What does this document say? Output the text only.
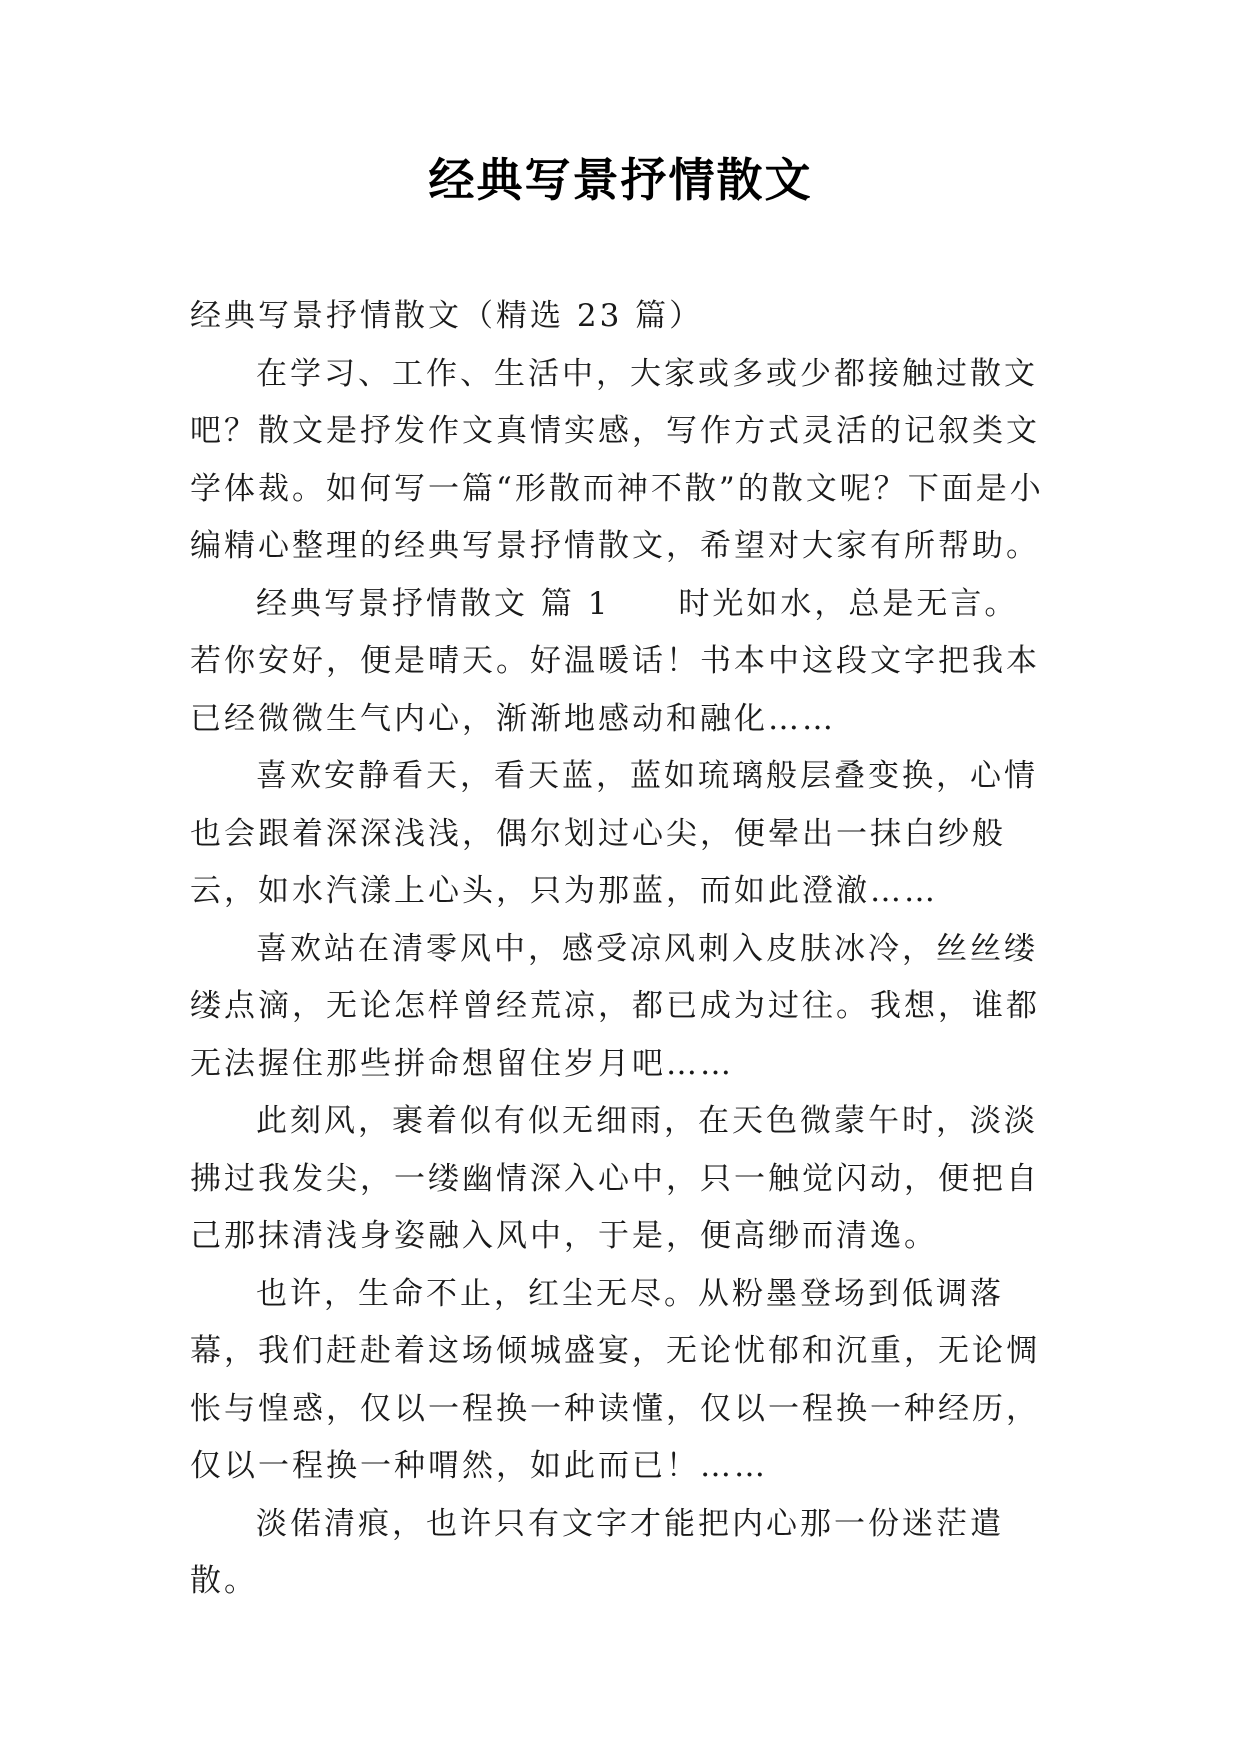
经典写景抒情散文

经典写景抒情散文（精选 23 篇）

在学习、工作、生活中，大家或多或少都接触过散文吧？散文是抒发作文真情实感，写作方式灵活的记叙类文学体裁。如何写一篇“形散而神不散”的散文呢？下面是小编精心整理的经典写景抒情散文，希望对大家有所帮助。

经典写景抒情散文 篇 1　　时光如水，总是无言。若你安好，便是晴天。好温暖话！书本中这段文字把我本已经微微生气内心，渐渐地感动和融化……

喜欢安静看天，看天蓝，蓝如琉璃般层叠变换，心情也会跟着深深浅浅，偶尔划过心尖，便晕出一抹白纱般云，如水汽漾上心头，只为那蓝，而如此澄澈……

喜欢站在清零风中，感受凉风刺入皮肤冰冷，丝丝缕缕点滴，无论怎样曾经荒凉，都已成为过往。我想，谁都无法握住那些拼命想留住岁月吧……

此刻风，裹着似有似无细雨，在天色微蒙午时，淡淡拂过我发尖，一缕幽情深入心中，只一触觉闪动，便把自己那抹清浅身姿融入风中，于是，便高缈而清逸。

也许，生命不止，红尘无尽。从粉墨登场到低调落幕，我们赶赴着这场倾城盛宴，无论忧郁和沉重，无论惆怅与惶惑，仅以一程换一种读懂，仅以一程换一种经历，仅以一程换一种喟然，如此而已！……

淡偌清痕，也许只有文字才能把内心那一份迷茫遣散。
